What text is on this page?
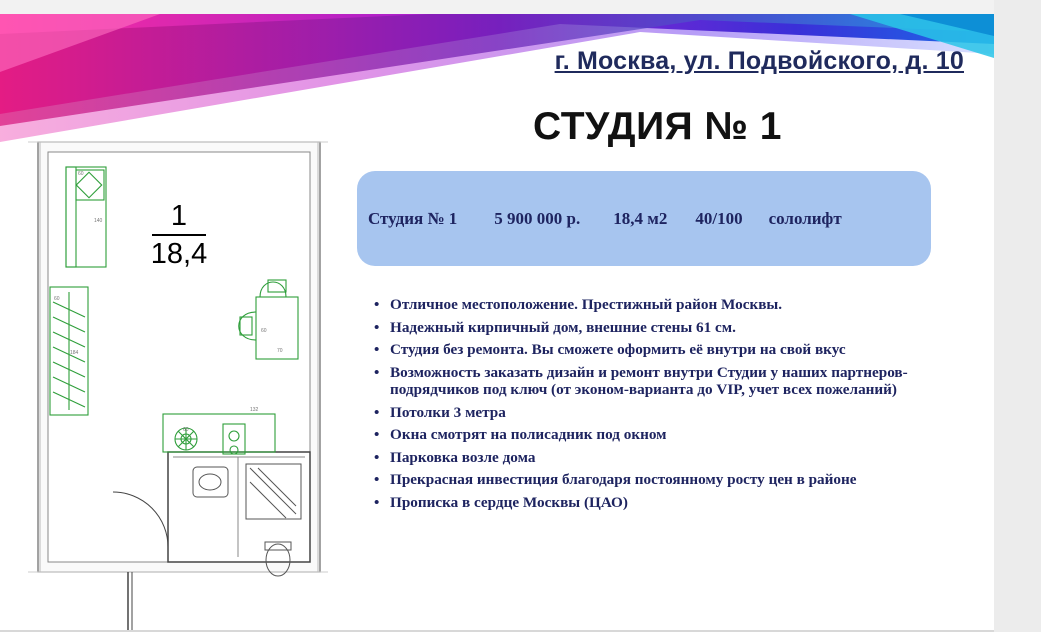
г. Москва, ул. Подвойского, д. 10
СТУДИЯ № 1
Студия № 1 5 900 000 р. 18,4 м2 40/100 сололифт
• Отличное местоположение. Престижный район Москвы.
• Надежный кирпичный дом, внешние стены 61 см.
• Студия без ремонта. Вы сможете оформить её внутри на свой вкус
• Возможность заказать дизайн и ремонт внутри Студии у наших партнеров-подрядчиков под ключ (от эконом-варианта до VIP, учет всех пожеланий)
• Потолки 3 метра
• Окна смотрят на полисадник под окном
• Парковка возле дома
• Прекрасная инвестиция благодаря постоянному росту цен в районе
• Прописка в сердце Москвы (ЦАО)
60
140
60
184
60
70
132
60
1
18,4
